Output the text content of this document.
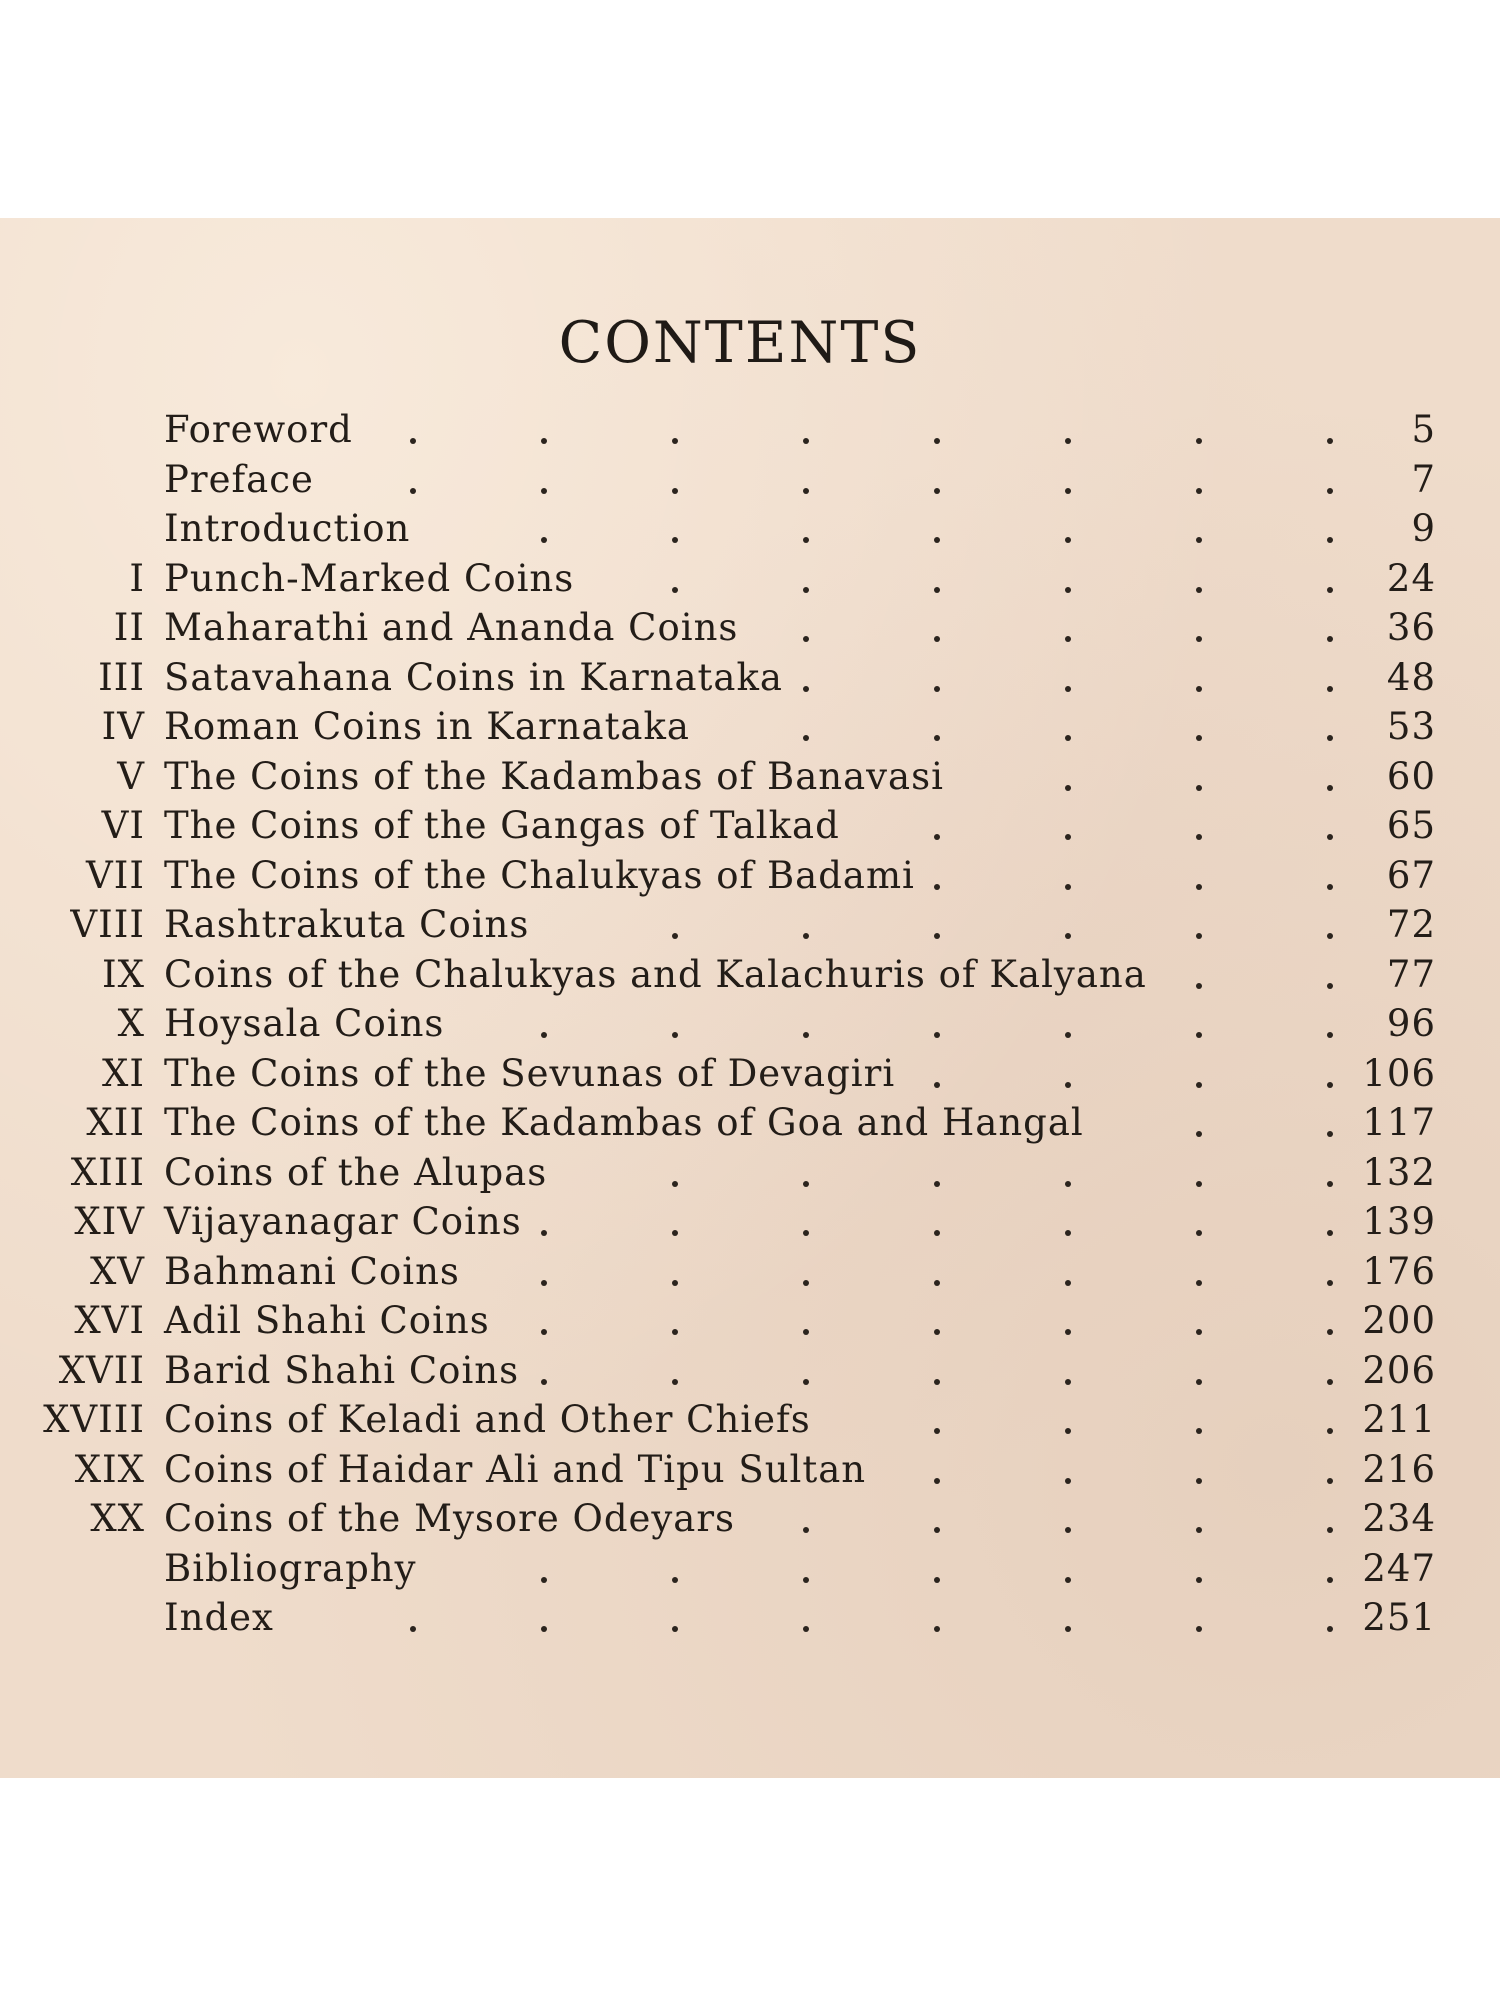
CONTENTS
Foreword	5
Preface	7
Introduction	9
I Punch-Marked Coins	24
II Maharathi and Ananda Coins	36
III Satavahana Coins in Karnataka	48
IV Roman Coins in Karnataka	53
V The Coins of the Kadambas of Banavasi	60
VI The Coins of the Gangas of Talkad	65
VII The Coins of the Chalukyas of Badami	67
VIII Rashtrakuta Coins	72
IX Coins of the Chalukyas and Kalachuris of Kalyana	77
X Hoysala Coins	96
XI The Coins of the Sevunas of Devagiri	106
XII The Coins of the Kadambas of Goa and Hangal	117
XIII Coins of the Alupas	132
XIV Vijayanagar Coins	139
XV Bahmani Coins	176
XVI Adil Shahi Coins	200
XVII Barid Shahi Coins	206
XVIII Coins of Keladi and Other Chiefs	211
XIX Coins of Haidar Ali and Tipu Sultan	216
XX Coins of the Mysore Odeyars	234
Bibliography	247
Index	251
